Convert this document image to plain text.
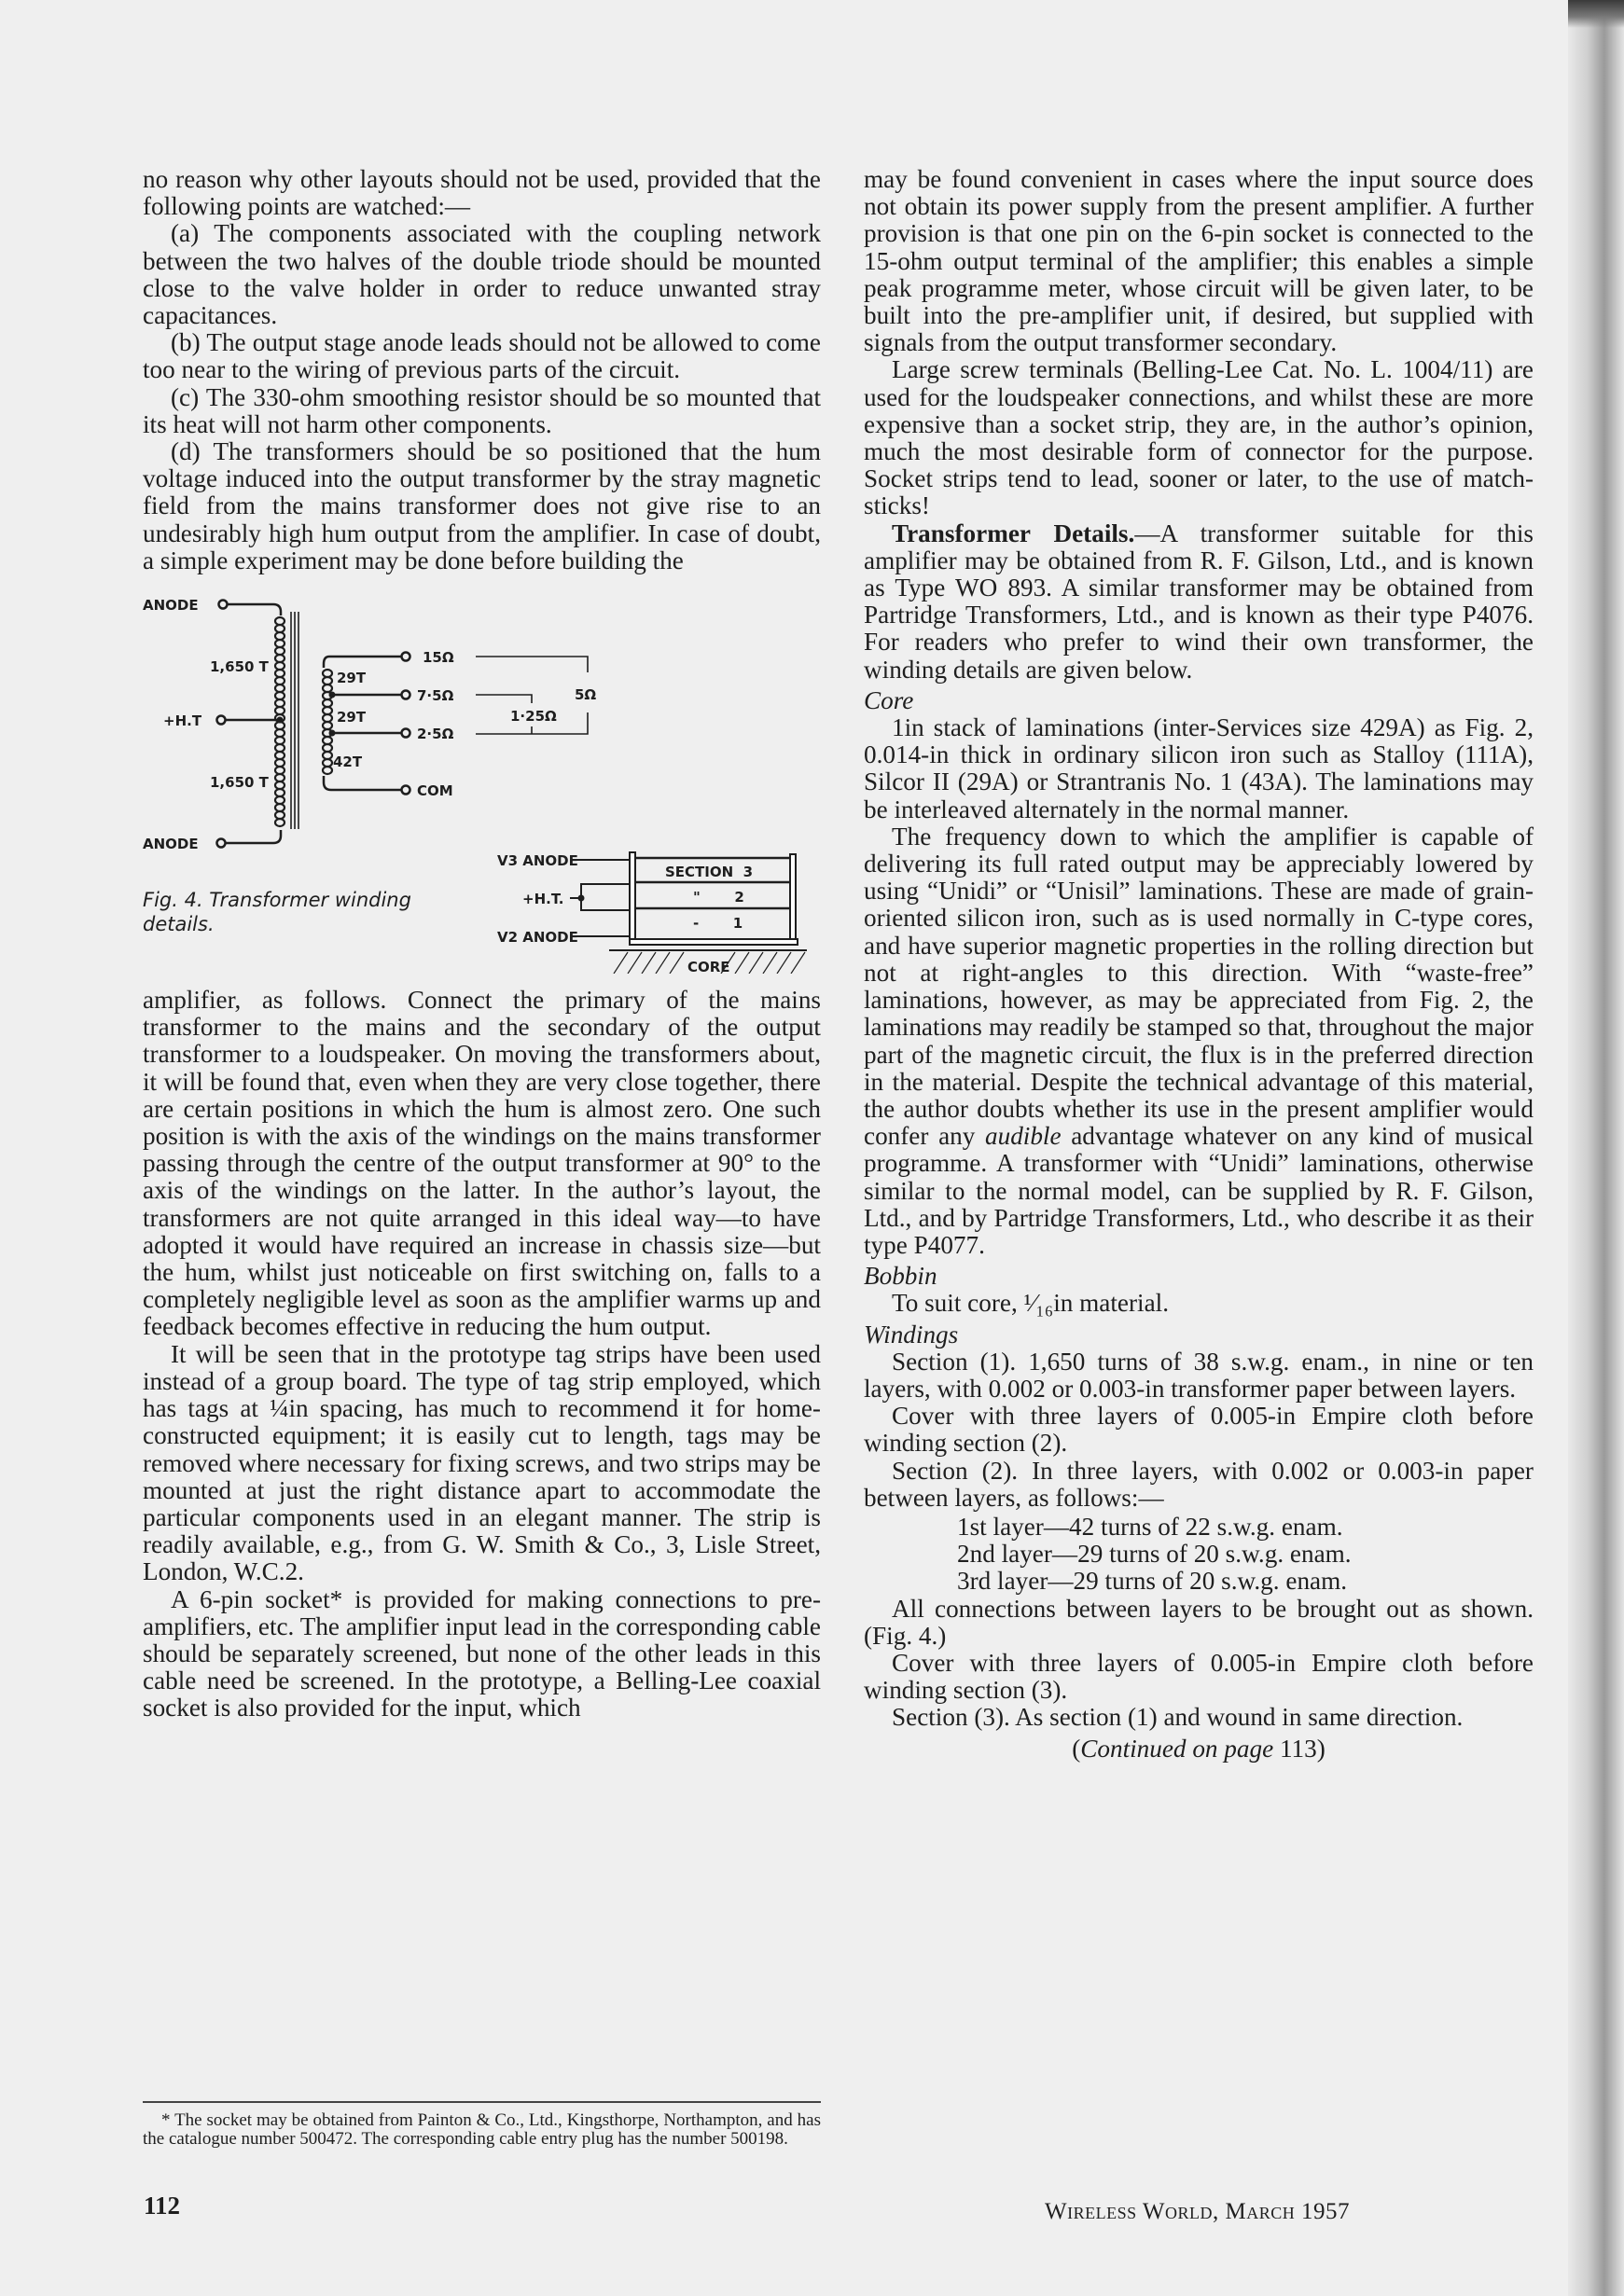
no reason why other layouts should not be used, provided that the following points are watched:—

(a) The components associated with the coupling network between the two halves of the double triode should be mounted close to the valve holder in order to reduce unwanted stray capacitances.

(b) The output stage anode leads should not be allowed to come too near to the wiring of previous parts of the circuit.

(c) The 330-ohm smoothing resistor should be so mounted that its heat will not harm other components.

(d) The transformers should be so positioned that the hum voltage induced into the output transformer by the stray magnetic field from the mains transformer does not give rise to an undesirably high hum output from the amplifier. In case of doubt, a simple experiment may be done before building the

ANODE
+H.T
ANODE
1,650 T
1,650 T
29T
29T
42T
15Ω
7·5Ω
2·5Ω
COM
5Ω
1·25Ω
V3 ANODE
+H.T.
V2 ANODE
SECTION  3
"       2
-       1
CORE
Fig. 4. Transformer winding details.

amplifier, as follows. Connect the primary of the mains transformer to the mains and the secondary of the output transformer to a loudspeaker. On moving the transformers about, it will be found that, even when they are very close together, there are certain positions in which the hum is almost zero. One such position is with the axis of the windings on the mains transformer passing through the centre of the output transformer at 90° to the axis of the windings on the latter. In the author’s layout, the transformers are not quite arranged in this ideal way—to have adopted it would have required an increase in chassis size—but the hum, whilst just noticeable on first switching on, falls to a completely negligible level as soon as the amplifier warms up and feedback becomes effective in reducing the hum output.

It will be seen that in the prototype tag strips have been used instead of a group board. The type of tag strip employed, which has tags at ¼in spacing, has much to recommend it for home-constructed equipment; it is easily cut to length, tags may be removed where necessary for fixing screws, and two strips may be mounted at just the right distance apart to accommodate the particular components used in an elegant manner. The strip is readily available, e.g., from G. W. Smith & Co., 3, Lisle Street, London, W.C.2.

A 6-pin socket* is provided for making connections to pre-amplifiers, etc. The amplifier input lead in the corresponding cable should be separately screened, but none of the other leads in this cable need be screened. In the prototype, a Belling-Lee coaxial socket is also provided for the input, which

* The socket may be obtained from Painton & Co., Ltd., Kingsthorpe, Northampton, and has the catalogue number 500472. The corresponding cable entry plug has the number 500198.

may be found convenient in cases where the input source does not obtain its power supply from the present amplifier. A further provision is that one pin on the 6-pin socket is connected to the 15-ohm output terminal of the amplifier; this enables a simple peak programme meter, whose circuit will be given later, to be built into the pre-amplifier unit, if desired, but supplied with signals from the output transformer secondary.

Large screw terminals (Belling-Lee Cat. No. L. 1004/11) are used for the loudspeaker connections, and whilst these are more expensive than a socket strip, they are, in the author’s opinion, much the most desirable form of connector for the purpose. Socket strips tend to lead, sooner or later, to the use of match-sticks!

Transformer Details.—A transformer suitable for this amplifier may be obtained from R. F. Gilson, Ltd., and is known as Type WO 893. A similar transformer may be obtained from Partridge Transformers, Ltd., and is known as their type P4076. For readers who prefer to wind their own transformer, the winding details are given below.

Core

1in stack of laminations (inter-Services size 429A) as Fig. 2, 0.014-in thick in ordinary silicon iron such as Stalloy (111A), Silcor II (29A) or Strantranis No. 1 (43A). The laminations may be interleaved alternately in the normal manner.

The frequency down to which the amplifier is capable of delivering its full rated output may be appreciably lowered by using “Unidi” or “Unisil” laminations. These are made of grain-oriented silicon iron, such as is used normally in C-type cores, and have superior magnetic properties in the rolling direction but not at right-angles to this direction. With “waste-free” laminations, however, as may be appreciated from Fig. 2, the laminations may readily be stamped so that, throughout the major part of the magnetic circuit, the flux is in the preferred direction in the material. Despite the technical advantage of this material, the author doubts whether its use in the present amplifier would confer any audible advantage whatever on any kind of musical programme. A transformer with “Unidi” laminations, otherwise similar to the normal model, can be supplied by R. F. Gilson, Ltd., and by Partridge Transformers, Ltd., who describe it as their type P4077.

Bobbin

To suit core, ¹⁄₁₆in material.

Windings

Section (1). 1,650 turns of 38 s.w.g. enam., in nine or ten layers, with 0.002 or 0.003-in transformer paper between layers.

Cover with three layers of 0.005-in Empire cloth before winding section (2).

Section (2). In three layers, with 0.002 or 0.003-in paper between layers, as follows:—

1st layer—42 turns of 22 s.w.g. enam.
2nd layer—29 turns of 20 s.w.g. enam.
3rd layer—29 turns of 20 s.w.g. enam.

All connections between layers to be brought out as shown. (Fig. 4.)

Cover with three layers of 0.005-in Empire cloth before winding section (3).

Section (3). As section (1) and wound in same direction.

(Continued on page 113)
112	Wireless World, March 1957
